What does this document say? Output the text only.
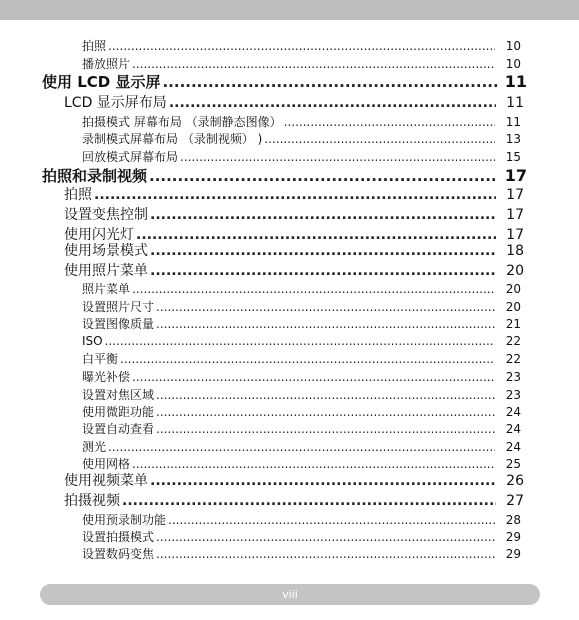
拍照 .....	10
播放照片 .....	10
使用 LCD 显示屏 .....	11
LCD 显示屏布局 .....	11
拍摄模式 屏幕布局 （录制静态图像） .....	11
录制模式屏幕布局 （录制视频） ) .....	13
回放模式屏幕布局 .....	15
拍照和录制视频 .....	17
拍照 .....	17
设置变焦控制 .....	17
使用闪光灯 .....	17
使用场景模式 .....	18
使用照片菜单 .....	20
照片菜单 .....	20
设置照片尺寸 .....	20
设置图像质量 .....	21
ISO .....	22
白平衡 .....	22
曝光补偿 .....	23
设置对焦区域 .....	23
使用微距功能 .....	24
设置自动查看 .....	24
测光 .....	24
使用网格 .....	25
使用视频菜单 .....	26
拍摄视频 .....	27
使用预录制功能 .....	28
设置拍摄模式 .....	29
设置数码变焦 .....	29
viii
